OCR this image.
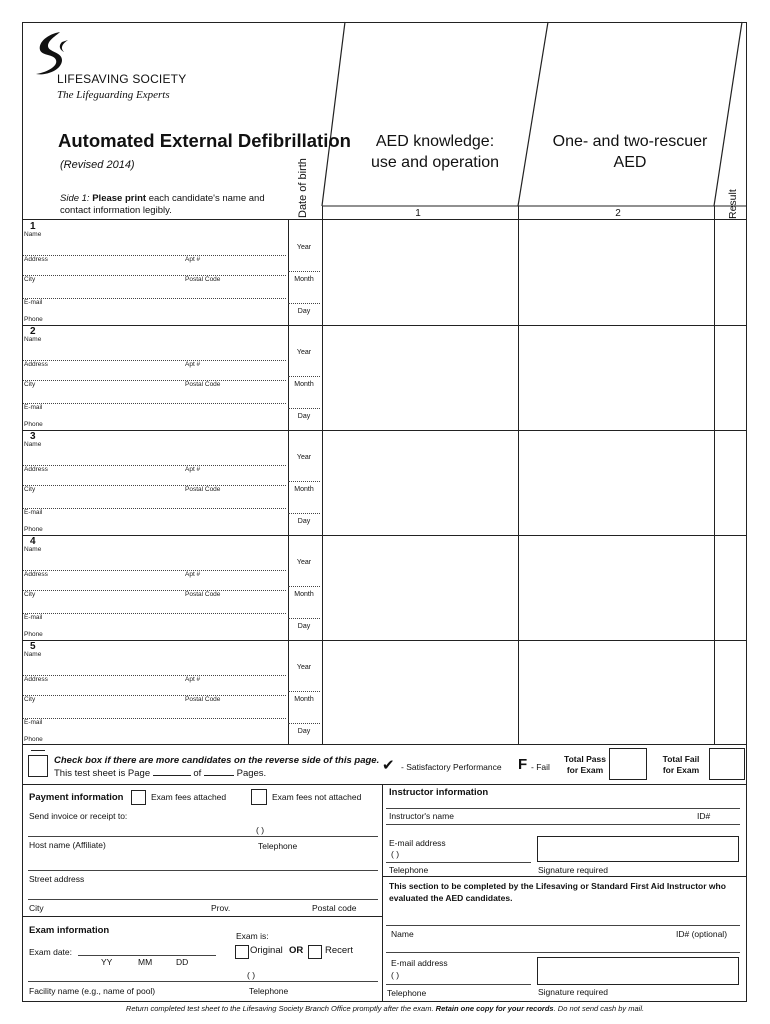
LIFESAVING SOCIETY
The Lifeguarding Experts
Automated External Defibrillation
(Revised 2014)
Side 1: Please print each candidate's name and contact information legibly.	Date of birth
AED knowledge:
use and operation
One- and two-rescuer
AED
1	2	Result
1
Name
Address	Apt #
City	Postal Code
E-mail
Phone
Year
Month
Day
2
Name
Address	Apt #
City	Postal Code
E-mail
Phone
Year
Month
Day
3
Name
Address	Apt #
City	Postal Code
E-mail
Phone
Year
Month
Day
4
Name
Address	Apt #
City	Postal Code
E-mail
Phone
Year
Month
Day
5
Name
Address	Apt #
City	Postal Code
E-mail
Phone
Year
Month
Day
Check box if there are more candidates on the reverse side of this page.
This test sheet is Page	of	Pages.	✔ - Satisfactory Performance F - Fail
Total Pass
for Exam
Total Fail
for Exam
Payment information	Exam fees attached	Exam fees not attached
Send invoice or receipt to:
( )
Host name (Affiliate)	Telephone
Street address
City	Prov.	Postal code
Exam information	Exam is:
Exam date:
YY	MM	DD
Original OR Recert
( )
Facility name (e.g., name of pool)	Telephone
Instructor information
Instructor's name	ID#
E-mail address
( )
Telephone	Signature required
This section to be completed by the Lifesaving or Standard First Aid Instructor who evaluated the AED candidates.
Name	ID# (optional)
E-mail address
( )
Telephone	Signature required
Return completed test sheet to the Lifesaving Society Branch Office promptly after the exam. Retain one copy for your records. Do not send cash by mail.
